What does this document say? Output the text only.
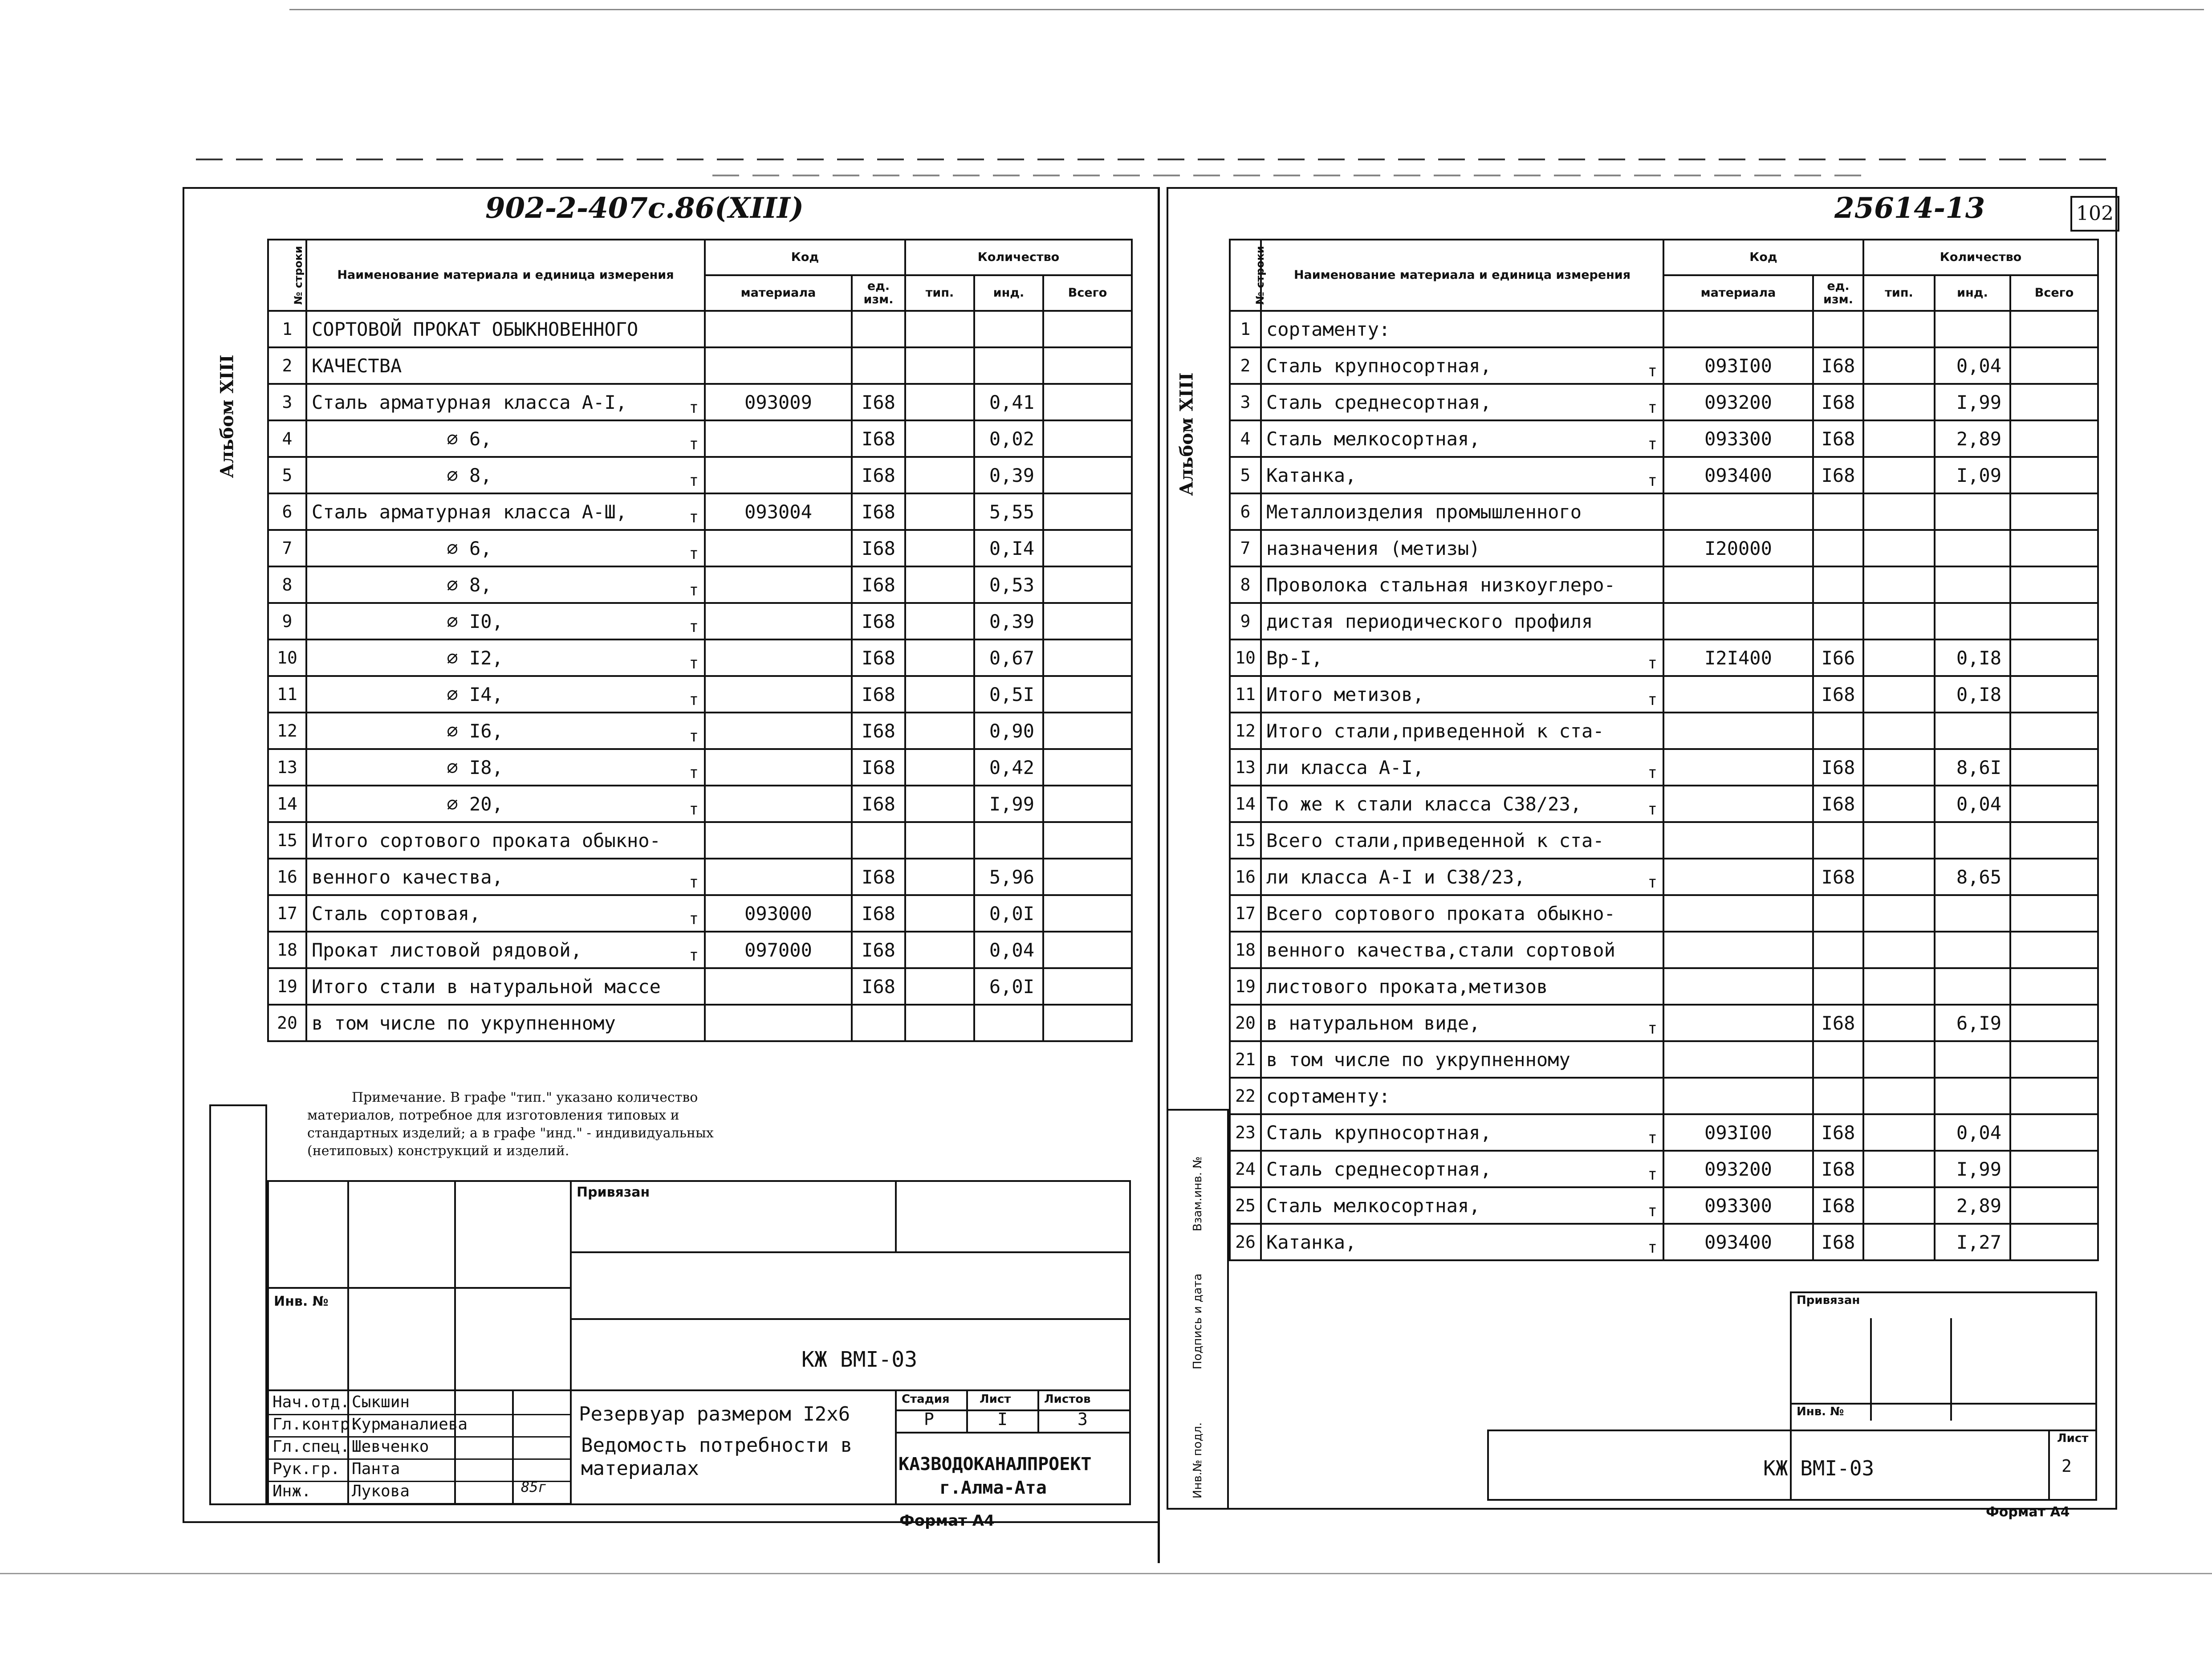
Альбом XIII
902-2-407с.86(XIII)
№ строки	Наименование материала и единица измерения	Код		Количество		
		материала	ед. изм.	тип.	инд.	Всего
1	СОРТОВОЙ ПРОКАТ ОБЫКНОВЕННОГО

2	КАЧЕСТВА

3	Сталь арматурная класса А-I, т	093009	I68		0,41	
4	∅ 6, т		I68		0,02	
5	∅ 8, т		I68		0,39	
6	Сталь арматурная класса А-Ш, т	093004	I68		5,55	
7	∅ 6, т		I68		0,I4	
8	∅ 8, т		I68		0,53	
9	∅ I0, т		I68		0,39	
10	∅ I2, т		I68		0,67	
11	∅ I4, т		I68		0,5I	
12	∅ I6, т		I68		0,90	
13	∅ I8, т		I68		0,42	
14	∅ 20, т		I68		I,99	
15	Итого сортового проката обыкно-

16	венного качества, т		I68		5,96	
17	Сталь сортовая, т	093000	I68		0,0I	
18	Прокат листовой рядовой, т	097000	I68		0,04	
19	Итого стали в натуральной массе		I68		6,0I	
20	в том числе по укрупненному

Примечание. В графе "тип." указано количество
материалов, потребное для изготовления типовых и
стандартных изделий; а в графе "инд." - индивидуальных
(нетиповых) конструкций и изделий.
Привязан
Инв. №
КЖ ВМI-03
Нач.отд. Сыкшин
Гл.контр.
Курманалиева
Гл.спец. Шевченко
Рук.гр. Панта
Инж.	Лукова	85г
Резервуар размером I2х6
Ведомость потребности в
материалах
Стадия	Лист	Листов
Р	I	3
КАЗВОДОКАНАЛПРОЕКТ
г.Алма-Ата
Формат А4
Альбом XIII
25614-13	102
№ строки	Наименование материала и единица измерения	Код		Количество		
		материала	ед. изм.	тип.	инд.	Всего
1	сортаменту:

2	Сталь крупносортная, т	093I00	I68		0,04	
3	Сталь среднесортная, т	093200	I68		I,99	
4	Сталь мелкосортная, т	093300	I68		2,89	
5	Катанка, т	093400	I68		I,09	
6	Металлоизделия промышленного

7	назначения (метизы)	I20000				
8	Проволока стальная низкоуглеро-

9	дистая периодического профиля

10	Вр-I, т	I2I400	I66		0,I8	
11	Итого метизов, т		I68		0,I8	
12	Итого стали,приведенной к ста-

13	ли класса А-I, т		I68		8,6I	
14	То же к стали класса С38/23, т		I68		0,04	
15	Всего стали,приведенной к ста-

16	ли класса А-I и С38/23, т		I68		8,65	
17	Всего сортового проката обыкно-

18	венного качества,стали сортовой

19	листового проката,метизов

20	в натуральном виде, т		I68		6,I9	
21	в том числе по укрупненному

22	сортаменту:

23	Сталь крупносортная, т	093I00	I68		0,04	
24	Сталь среднесортная, т	093200	I68		I,99	
25	Сталь мелкосортная, т	093300	I68		2,89	
26	Катанка, т	093400	I68		I,27	
Инв.№ подл.
Подпись и дата
Взам.инв. №
Привязан
Инв. №
КЖ ВМI-03
Лист
2
Формат А4
